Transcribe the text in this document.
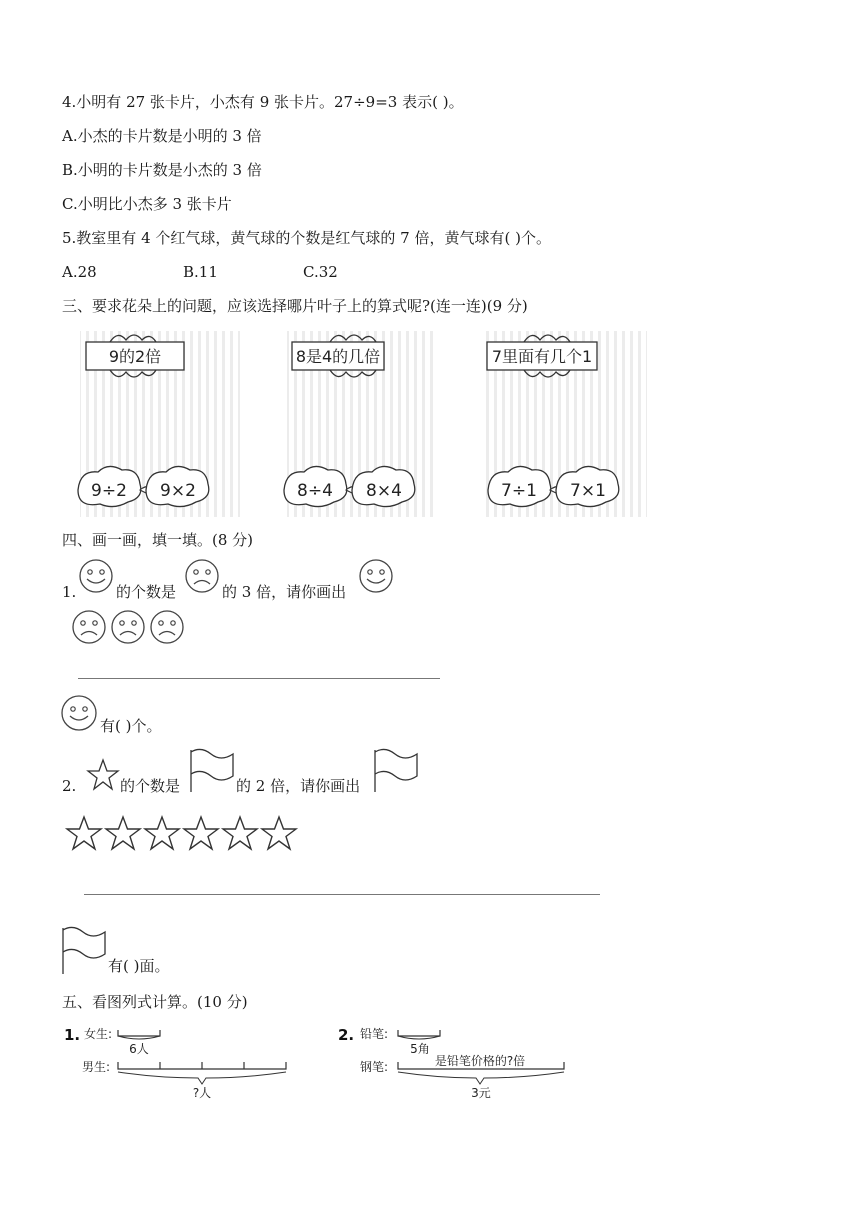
4.小明有 27 张卡片，小杰有 9 张卡片。27÷9=3 表示( )。
A.小杰的卡片数是小明的 3 倍
B.小明的卡片数是小杰的 3 倍
C.小明比小杰多 3 张卡片
5.教室里有 4 个红气球，黄气球的个数是红气球的 7 倍，黄气球有( )个。
A.28	B.11	C.32
三、要求花朵上的问题，应该选择哪片叶子上的算式呢?(连一连)(9 分)
9的2倍	8是4的几倍	7里面有几个1
9÷2 9×2	8÷4 8×4	7÷1 7×1
四、画一画，填一填。(8 分)
1.	的个数是	的 3 倍，请你画出
有( )个。
2.	的个数是	的 2 倍，请你画出
有( )面。
五、看图列式计算。(10 分)
1. 女生:
6人
男生:
?人
2. 铅笔:
5角
钢笔:	是铅笔价格的?倍
3元
